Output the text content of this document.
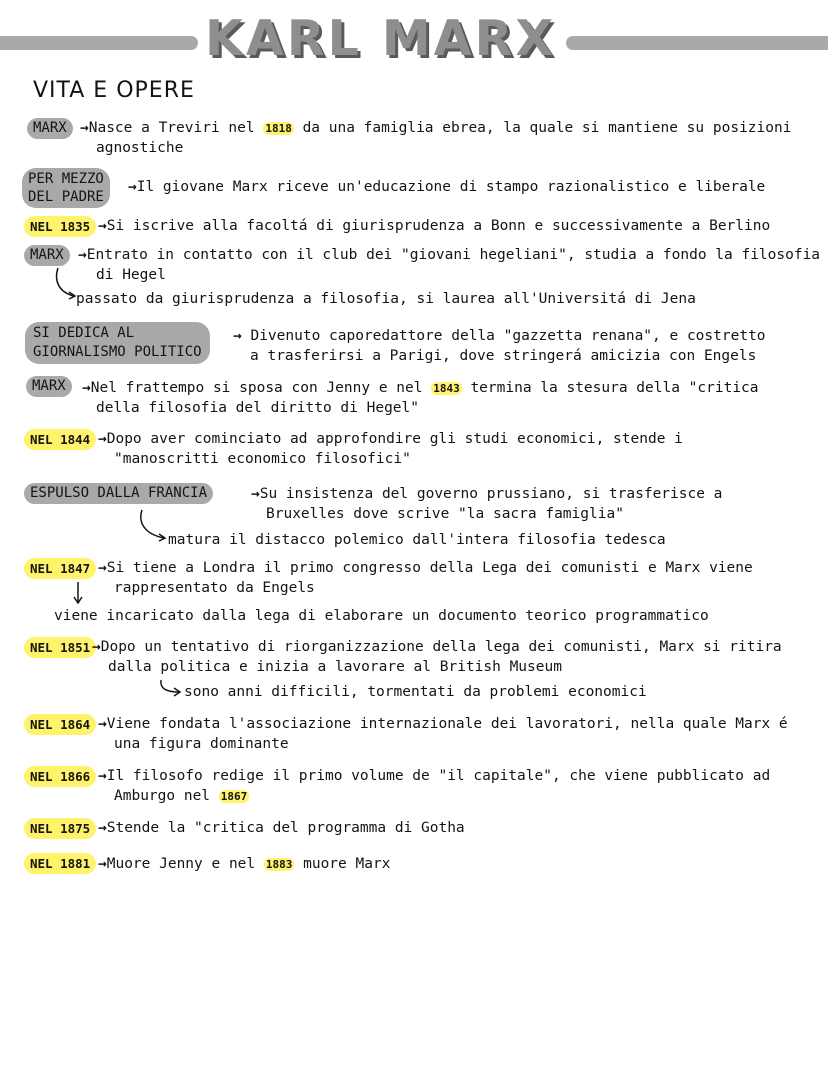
KARL MARX
VITA E OPERE
MARX →Nasce a Treviri nel 1818 da una famiglia ebrea, la quale si mantiene su posizioni
agnostiche
PER MEZZO
DEL PADRE
→Il giovane Marx riceve un'educazione di stampo razionalistico e liberale
NEL 1835 →Si iscrive alla facoltá di giurisprudenza a Bonn e successivamente a Berlino
MARX →Entrato in contatto con il club dei "giovani hegeliani", studia a fondo la filosofia
di Hegel
passato da giurisprudenza a filosofia, si laurea all'Universitá di Jena
SI DEDICA AL
GIORNALISMO POLITICO
→ Divenuto caporedattore della "gazzetta renana", e costretto
a trasferirsi a Parigi, dove stringerá amicizia con Engels
MARX	→Nel frattempo si sposa con Jenny e nel 1843 termina la stesura della "critica
della filosofia del diritto di Hegel"
NEL 1844 →Dopo aver cominciato ad approfondire gli studi economici, stende i
"manoscritti economico filosofici"
ESPULSO DALLA FRANCIA	→Su insistenza del governo prussiano, si trasferisce a
Bruxelles dove scrive "la sacra famiglia"
matura il distacco polemico dall'intera filosofia tedesca
NEL 1847 →Si tiene a Londra il primo congresso della Lega dei comunisti e Marx viene
rappresentato da Engels
viene incaricato dalla lega di elaborare un documento teorico programmatico
NEL 1851 →Dopo un tentativo di riorganizzazione della lega dei comunisti, Marx si ritira
dalla politica e inizia a lavorare al British Museum
sono anni difficili, tormentati da problemi economici
NEL 1864 →Viene fondata l'associazione internazionale dei lavoratori, nella quale Marx é
una figura dominante
NEL 1866 →Il filosofo redige il primo volume de "il capitale", che viene pubblicato ad
Amburgo nel 1867
NEL 1875 →Stende la "critica del programma di Gotha
NEL 1881 →Muore Jenny e nel 1883 muore Marx
